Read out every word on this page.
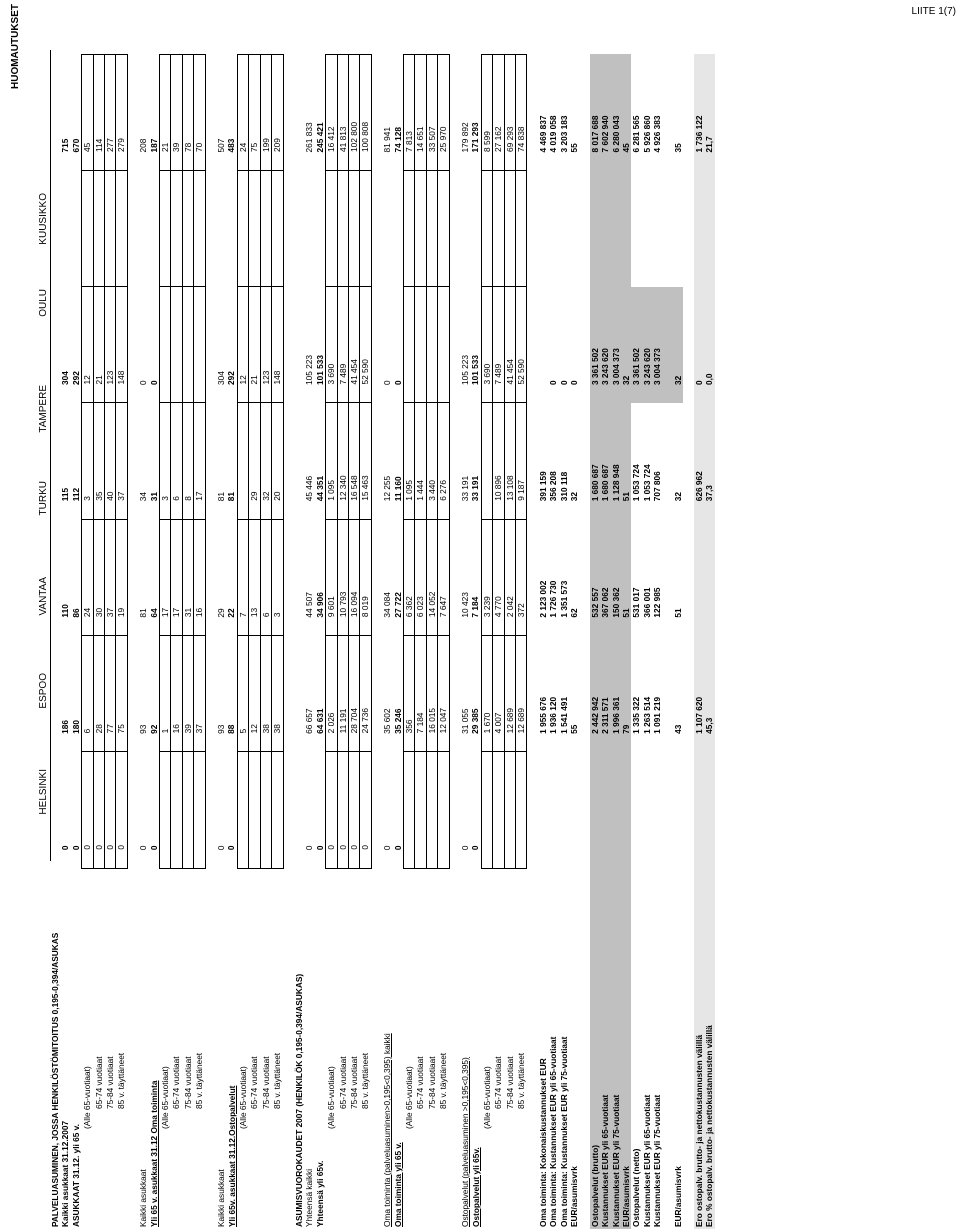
LIITE 1(7)
HELSINKI
ESPOO
VANTAA
TURKU
TAMPERE
OULU
KUUSIKKO
HUOMAUTUKSET
PALVELUASUMINEN, JOSSA HENKILÖSTÖMITOITUS 0,195-0,394/ASUKAS								
Kaikki asukkaat 31.12.2007	0	186	110	115	304		715	
ASUKKAAT 31.12. yli 65 v.	0	180	86	112	292		670	
(Alle 65-vuotiaat)	0	6	24	3	12		45	
65-74 vuotiaat	0	28	30	35	21		114	
75-84 vuotiaat	0	77	37	40	123		277	
85 v. täyttäneet	0	75	19	37	148		279	

Kaikki asukkaat	0	93	81	34	0		208	
Yli 65 v. asukkaat 31.12 Oma toiminta	0	92	64	31	0		187	
(Alle 65-vuotiaat)		1	17	3			21	
65-74 vuotiaat		16	17	6			39	
75-84 vuotiaat		39	31	8			78	
85 v. täyttäneet		37	16	17			70	

Kaikki asukkaat	0	93	29	81	304		507	
Yli 65v. asukkaat 31.12.Ostopalvelut	0	88	22	81	292		483	
(Alle 65-vuotiaat)		5	7		12		24	
65-74 vuotiaat		12	13	29	21		75	
75-84 vuotiaat		38	6	32	123		199	
85 v. täyttäneet		38	3	20	148		209	

ASUMISVUOROKAUDET 2007 (HENKILÖK 0,195-0,394/ASUKAS)								
Yhteensä kaikki	0	66 657	44 507	45 446	105 223		261 833	
Yhteensä yli 65v.	0	64 631	34 906	44 351	101 533		245 421	
(Alle 65-vuotiaat)	0	2 026	9 601	1 095	3 690		16 412	
65-74 vuotiaat	0	11 191	10 793	12 340	7 489		41 813	
75-84 vuotiaat	0	28 704	16 094	16 548	41 454		102 800	
85 v. täyttäneet	0	24 736	8 019	15 463	52 590		100 808	

Oma toiminta (palveluasuminen>0,195<0,395) kaikki	0	35 602	34 084	12 255	0		81 941	
Oma toiminta yli 65 v.	0	35 246	27 722	11 160	0		74 128	
(Alle 65-vuotiaat)		356	6 362	1 095			7 813	
65-74 vuotiaat		7 184	6 023	1 444			14 651	
75-84 vuotiaat		16 015	14 052	3 440			33 507	
85 v. täyttäneet		12 047	7 647	6 276			25 970	

Ostopalvelut (palveluasuminen >0,195<0,395)	0	31 055	10 423	33 191	105 223		179 892	
Ostopalvelut yli 65v.	0	29 385	7 184	33 191	101 533		171 293	
(Alle 65-vuotiaat)		1 670	3 239		3 690		8 599	
65-74 vuotiaat		4 007	4 770	10 896	7 489		27 162	
75-84 vuotiaat		12 689	2 042	13 108	41 454		69 293	
85 v. täyttäneet		12 689	372	9 187	52 590		74 838	

Oma toiminta: Kokonaiskustannukset EUR		1 955 676	2 123 002	391 159			4 469 837	
Oma toiminta: Kustannukset EUR yli 65-vuotiaat		1 936 120	1 726 730	356 208	0		4 019 058	
Oma toiminta: Kustannukset EUR yli 75-vuotiaat		1 541 491	1 351 573	310 118	0		3 203 183	
EUR/asumisvrk		55	62	32	0		55	

Ostopalvelut (brutto)		2 442 942	532 557	1 680 687	3 361 502		8 017 688	
Kustannukset EUR yli 65-vuotiaat		2 311 571	367 062	1 680 687	3 243 620		7 602 940	
Kustannukset EUR yli 75-vuotiaat		1 996 361	150 362	1 128 948	3 004 373		6 280 043	
EUR/asumisvrk		79	51	51	32		45	
Ostopalvelut (netto)		1 335 322	531 017	1 053 724	3 361 502		6 281 565	
Kustannukset EUR yli 65-vuotiaat		1 263 514	366 001	1 053 724	3 243 620		5 926 860	
Kustannukset EUR yli 75-vuotiaat		1 091 219	122 985	707 806	3 004 373		4 926 383	

EUR/asumisvrk		43	51	32	32		35	

Ero ostopalv. brutto- ja nettokustannusten välillä		1 107 620		626 962	0		1 736 122	
Ero % ostopalv. brutto- ja nettokustannusten välillä		45,3		37,3	0,0		21,7	
